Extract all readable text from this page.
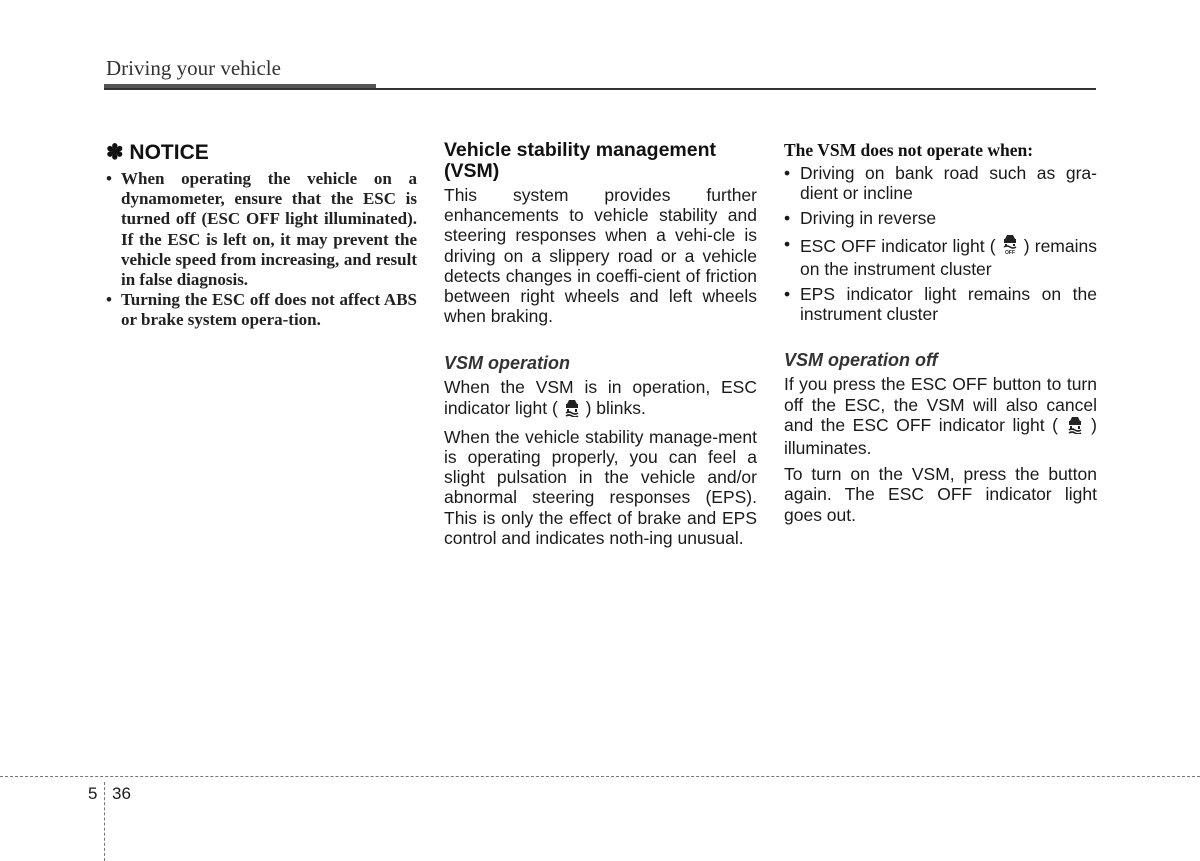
Driving your vehicle
✽ NOTICE
• When operating the vehicle on a dynamometer, ensure that the ESC is turned off (ESC OFF light illuminated). If the ESC is left on, it may prevent the vehicle speed from increasing, and result in false diagnosis.
• Turning the ESC off does not affect ABS or brake system opera-tion.
Vehicle stability management (VSM)

This system provides further enhancements to vehicle stability and steering responses when a vehi-cle is driving on a slippery road or a vehicle detects changes in coeffi-cient of friction between right wheels and left wheels when braking.

VSM operation

When the VSM is in operation, ESC indicator light ( ) blinks.

When the vehicle stability manage-ment is operating properly, you can feel a slight pulsation in the vehicle and/or abnormal steering responses (EPS). This is only the effect of brake and EPS control and indicates noth-ing unusual.

The VSM does not operate when:
• Driving on bank road such as gra-dient or incline
• Driving in reverse
• ESC OFF indicator light ( OFF ) remains on the instrument cluster
• EPS indicator light remains on the instrument cluster
VSM operation off

If you press the ESC OFF button to turn off the ESC, the VSM will also cancel and the ESC OFF indicator light ( ) illuminates.

To turn on the VSM, press the button again. The ESC OFF indicator light goes out.

5 36
